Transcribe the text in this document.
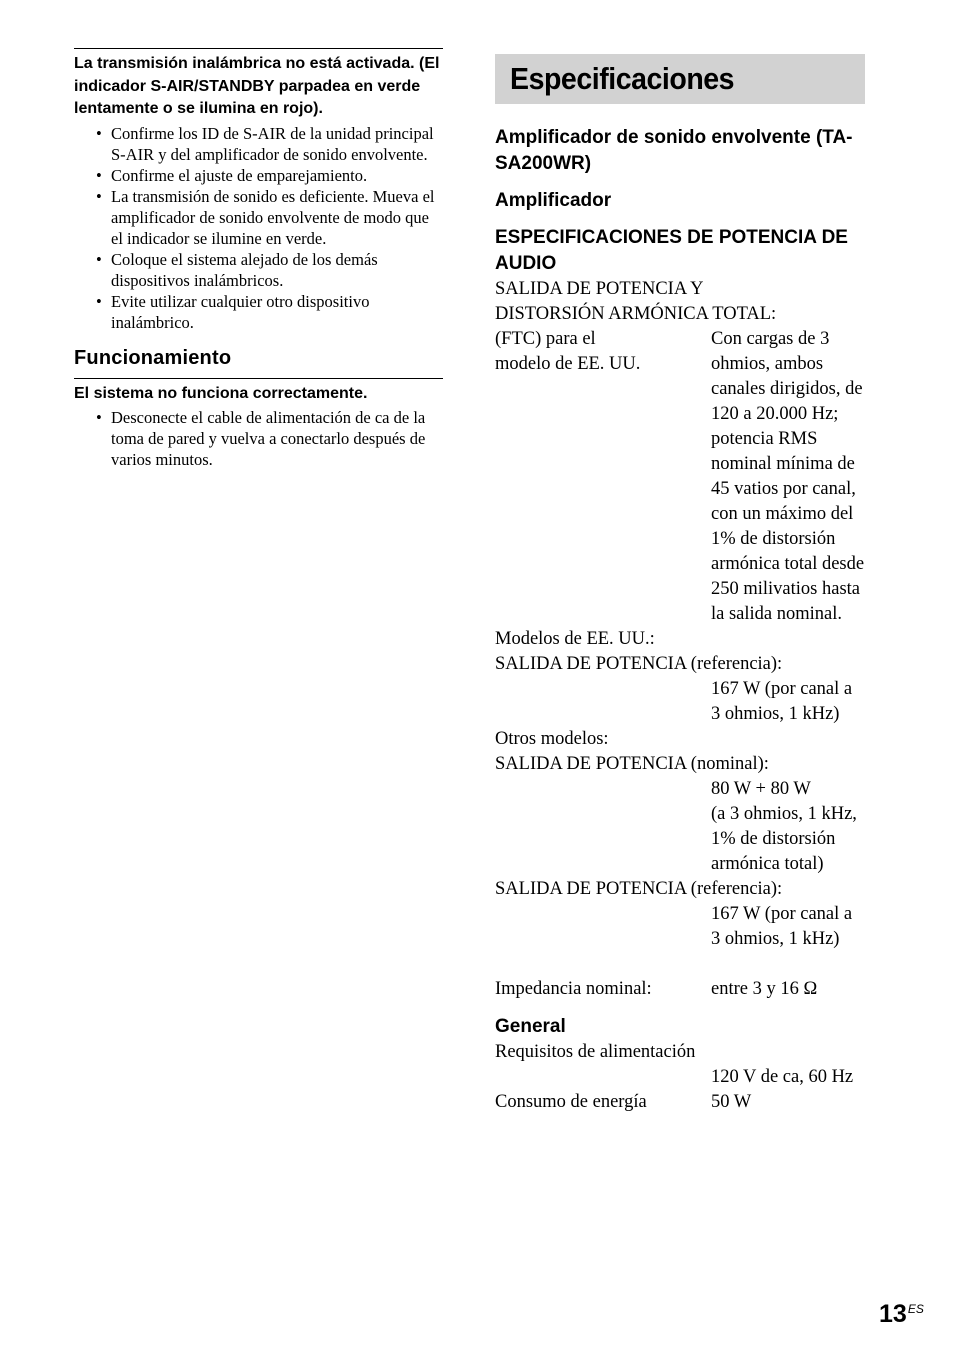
La transmisión inalámbrica no está activada. (El indicador S-AIR/STANDBY parpadea en verde lentamente o se ilumina en rojo).
• Confirme los ID de S-AIR de la unidad principal S-AIR y del amplificador de sonido envolvente.
• Confirme el ajuste de emparejamiento.
• La transmisión de sonido es deficiente. Mueva el amplificador de sonido envolvente de modo que el indicador se ilumine en verde.
• Coloque el sistema alejado de los demás dispositivos inalámbricos.
• Evite utilizar cualquier otro dispositivo inalámbrico.
Funcionamiento
El sistema no funciona correctamente.
• Desconecte el cable de alimentación de ca de la toma de pared y vuelva a conectarlo después de varios minutos.
Especificaciones
Amplificador de sonido envolvente (TA-SA200WR)
Amplificador
ESPECIFICACIONES DE POTENCIA DE AUDIO
SALIDA DE POTENCIA Y DISTORSIÓN ARMÓNICA TOTAL:
(FTC) para el modelo de EE. UU.
Con cargas de 3 ohmios, ambos canales dirigidos, de 120 a 20.000 Hz; potencia RMS nominal mínima de 45 vatios por canal, con un máximo del 1% de distorsión armónica total desde 250 milivatios hasta la salida nominal.
Modelos de EE. UU.:
SALIDA DE POTENCIA (referencia):
167 W (por canal a 3 ohmios, 1 kHz)
Otros modelos:
SALIDA DE POTENCIA (nominal):
80 W + 80 W
(a 3 ohmios, 1 kHz, 1% de distorsión armónica total)
SALIDA DE POTENCIA (referencia):
167 W (por canal a 3 ohmios, 1 kHz)
Impedancia nominal:	entre 3 y 16 Ω
General
Requisitos de alimentación
120 V de ca, 60 Hz
Consumo de energía	50 W
$13^{ES}$
